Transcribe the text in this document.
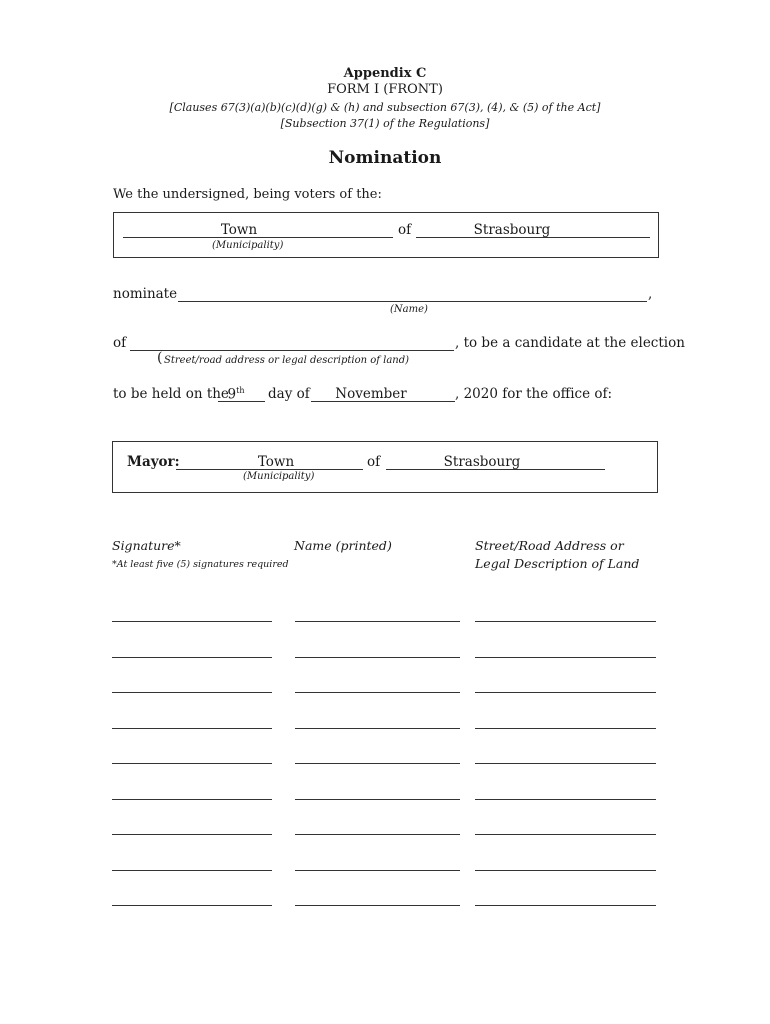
Appendix C
FORM I (FRONT)
[Clauses 67(3)(a)(b)(c)(d)(g) & (h) and subsection 67(3), (4), & (5) of the Act]
[Subsection 37(1) of the Regulations]
Nomination
We the undersigned, being voters of the:
Town	of	Strasbourg
(Municipality)
nominate	,
(Name)
of	, to be a candidate at the election
( Street/road address or legal description of land)
to be held on the
9th	day of	November	, 2020 for the office of:
Mayor:	Town	of	Strasbourg
(Municipality)
Signature*
*At least five (5) signatures required
Name (printed)	Street/Road Address or
Legal Description of Land
